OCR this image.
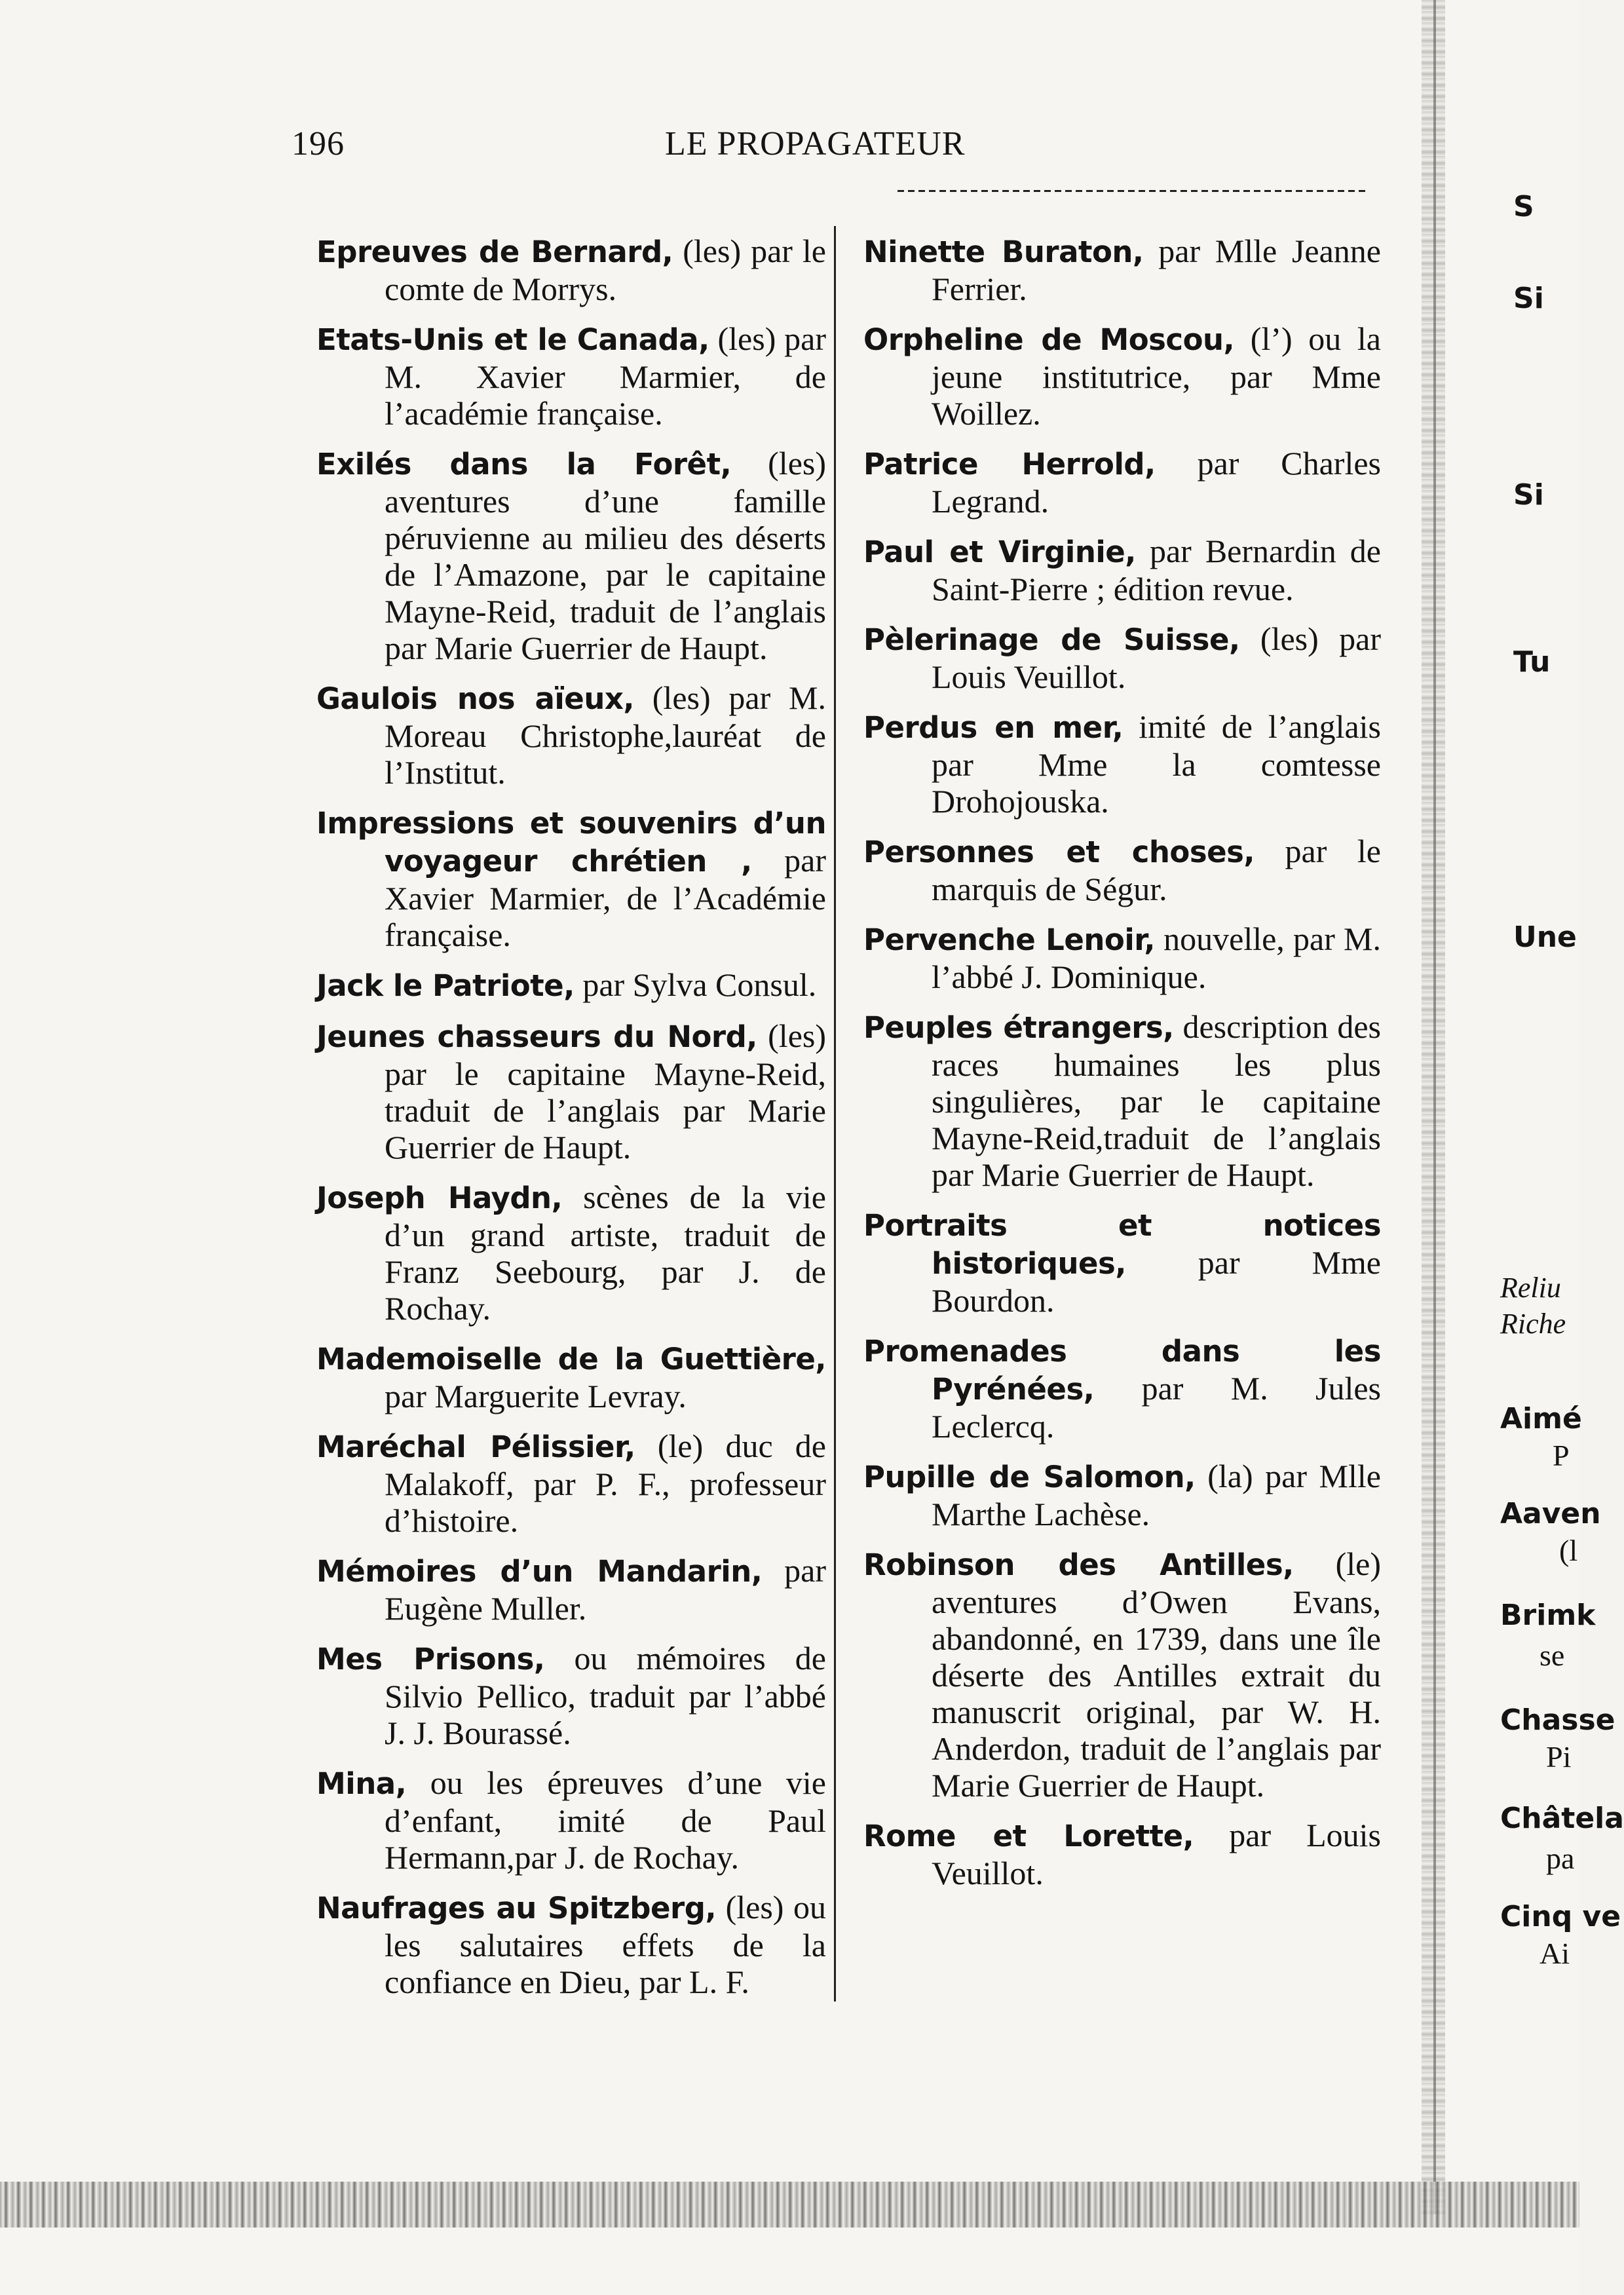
196	LE PROPAGATEUR
Epreuves de Bernard, (les) par le comte de Morrys.
Etats-Unis et le Canada, (les) par M. Xavier Marmier, de l’académie française.
Exilés dans la Forêt, (les) aventures d’une famille péruvienne au milieu des déserts de l’Amazone, par le capitaine Mayne-Reid, traduit de l’anglais par Marie Guerrier de Haupt.
Gaulois nos aïeux, (les) par M. Moreau Christophe,lauréat de l’Institut.
Impressions et souvenirs d’un voyageur chrétien , par Xavier Marmier, de l’Académie française.
Jack le Patriote, par Sylva Consul.
Jeunes chasseurs du Nord, (les) par le capitaine Mayne-Reid, traduit de l’anglais par Marie Guerrier de Haupt.
Joseph Haydn, scènes de la vie d’un grand artiste, traduit de Franz Seebourg, par J. de Rochay.
Mademoiselle de la Guettière, par Marguerite Levray.
Maréchal Pélissier, (le) duc de Malakoff, par P. F., professeur d’histoire.
Mémoires d’un Mandarin, par Eugène Muller.
Mes Prisons, ou mémoires de Silvio Pellico, traduit par l’abbé J. J. Bourassé.
Mina, ou les épreuves d’une vie d’enfant, imité de Paul Hermann,par J. de Rochay.
Naufrages au Spitzberg, (les) ou les salutaires effets de la confiance en Dieu, par L. F.
Ninette Buraton, par Mlle Jeanne Ferrier.
Orpheline de Moscou, (l’) ou la jeune institutrice, par Mme Woillez.
Patrice Herrold, par Charles Legrand.
Paul et Virginie, par Bernardin de Saint-Pierre ; édition revue.
Pèlerinage de Suisse, (les) par Louis Veuillot.
Perdus en mer, imité de l’anglais par Mme la comtesse Drohojouska.
Personnes et choses, par le marquis de Ségur.
Pervenche Lenoir, nouvelle, par M. l’abbé J. Dominique.
Peuples étrangers, description des races humaines les plus singulières, par le capitaine Mayne-Reid,traduit de l’anglais par Marie Guerrier de Haupt.
Portraits et notices historiques, par Mme Bourdon.
Promenades dans les Pyrénées, par M. Jules Leclercq.
Pupille de Salomon, (la) par Mlle Marthe Lachèse.
Robinson des Antilles, (le) aventures d’Owen Evans, abandonné, en 1739, dans une île déserte des Antilles extrait du manuscrit original, par W. H. Anderdon, traduit de l’anglais par Marie Guerrier de Haupt.
Rome et Lorette, par Louis Veuillot.
S
Si
Si
Tu
Une
Reliu
Riche
Aimé
P
Aaven
(l
Brimk
se
Chasse
Pi
Châtela
pa
Cinq ve
Ai
